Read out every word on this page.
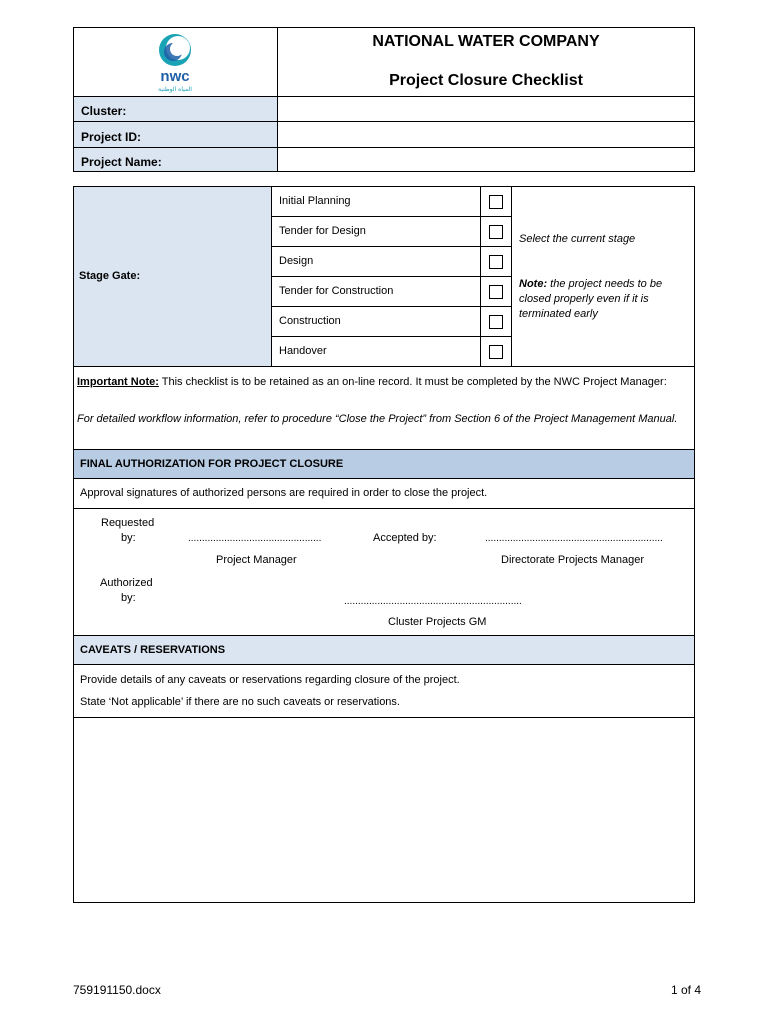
nwc
المياه الوطنية
NATIONAL WATER COMPANY
Project Closure Checklist
Cluster:
Project ID:
Project Name:
Stage Gate:
Initial Planning
Tender for Design
Design
Tender for Construction
Construction
Handover
Select the current stage
Note: the project needs to be closed properly even if it is terminated early
Important Note: This checklist is to be retained as an on-line record. It must be completed by the NWC Project Manager:
For detailed workflow information, refer to procedure “Close the Project” from Section 6 of the Project Management Manual.
FINAL AUTHORIZATION FOR PROJECT CLOSURE
Approval signatures of authorized persons are required in order to close the project.
Requested
by:	................................................
Project Manager
Accepted by:	................................................................
Directorate Projects Manager
Authorized
by:	................................................................
Cluster Projects GM
CAVEATS / RESERVATIONS
Provide details of any caveats or reservations regarding closure of the project.
State ‘Not applicable’ if there are no such caveats or reservations.
759191150.docx	1 of 4
